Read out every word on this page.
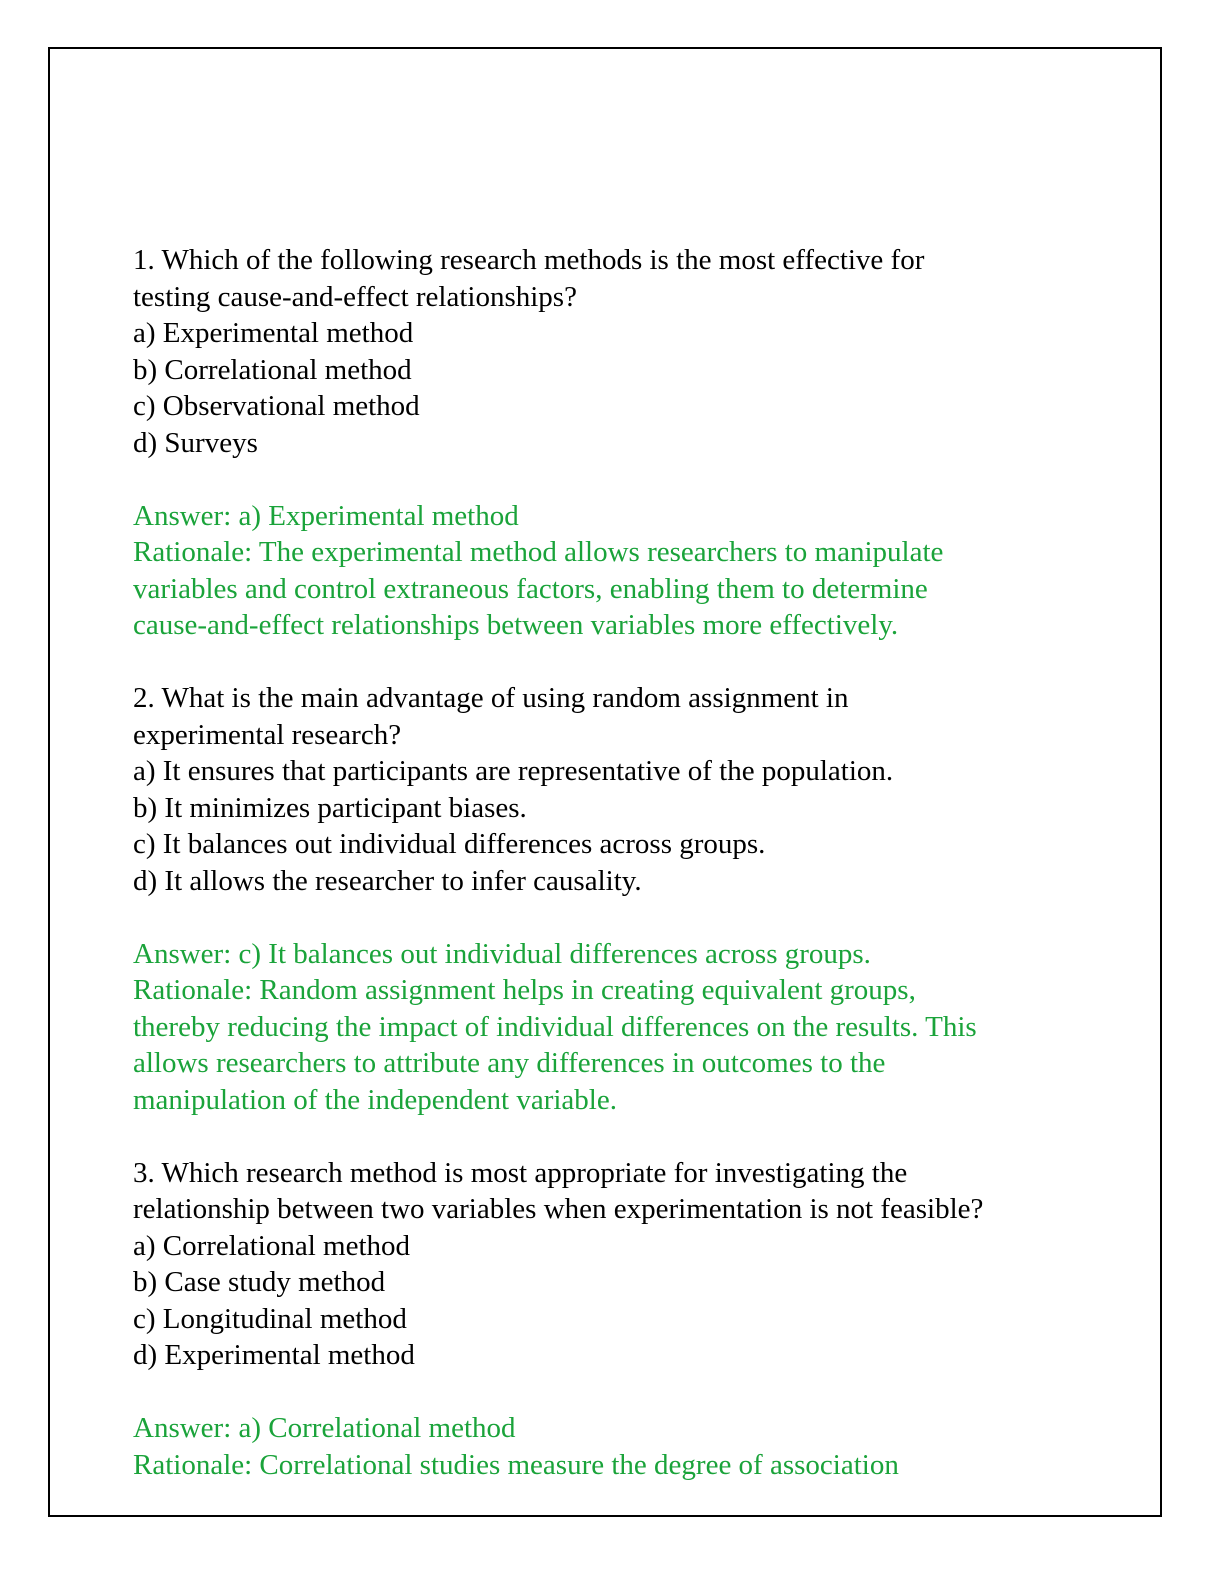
1. Which of the following research methods is the most effective for
testing cause-and-effect relationships?
a) Experimental method
b) Correlational method
c) Observational method
d) Surveys
Answer: a) Experimental method
Rationale: The experimental method allows researchers to manipulate
variables and control extraneous factors, enabling them to determine
cause-and-effect relationships between variables more effectively.
2. What is the main advantage of using random assignment in
experimental research?
a) It ensures that participants are representative of the population.
b) It minimizes participant biases.
c) It balances out individual differences across groups.
d) It allows the researcher to infer causality.
Answer: c) It balances out individual differences across groups.
Rationale: Random assignment helps in creating equivalent groups,
thereby reducing the impact of individual differences on the results. This
allows researchers to attribute any differences in outcomes to the
manipulation of the independent variable.
3. Which research method is most appropriate for investigating the
relationship between two variables when experimentation is not feasible?
a) Correlational method
b) Case study method
c) Longitudinal method
d) Experimental method
Answer: a) Correlational method
Rationale: Correlational studies measure the degree of association
